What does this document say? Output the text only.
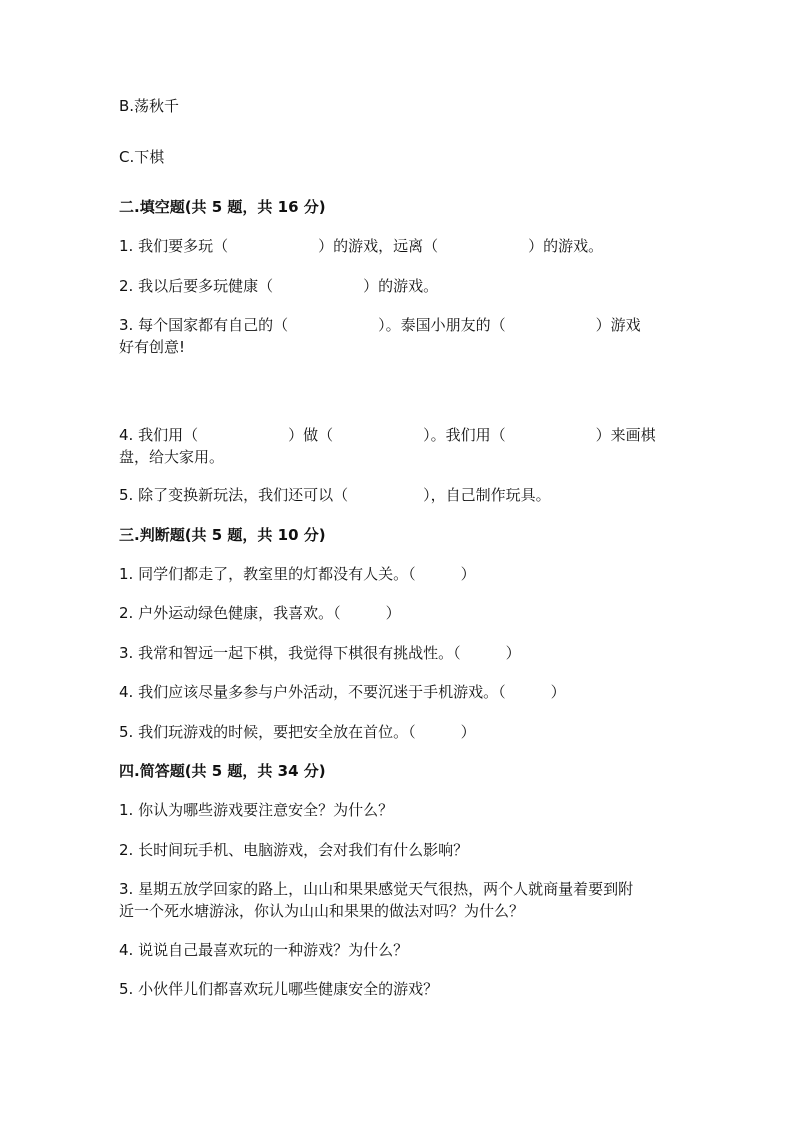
B.荡秋千
C.下棋
二.填空题(共 5 题，共 16 分)
1. 我们要多玩（　　　　　　）的游戏，远离（　　　　　　）的游戏。
2. 我以后要多玩健康（　　　　　　）的游戏。
3. 每个国家都有自己的（　　　　　　）。泰国小朋友的（　　　　　　）游戏
好有创意!
4. 我们用（　　　　　　）做（　　　　　　）。我们用（　　　　　　）来画棋
盘，给大家用。
5. 除了变换新玩法，我们还可以（　　　　　），自己制作玩具。
三.判断题(共 5 题，共 10 分)
1. 同学们都走了，教室里的灯都没有人关。（　　　）
2. 户外运动绿色健康，我喜欢。（　　　）
3. 我常和智远一起下棋，我觉得下棋很有挑战性。（　　　）
4. 我们应该尽量多参与户外活动，不要沉迷于手机游戏。（　　　）
5. 我们玩游戏的时候，要把安全放在首位。（　　　）
四.简答题(共 5 题，共 34 分)
1. 你认为哪些游戏要注意安全？为什么？
2. 长时间玩手机、电脑游戏，会对我们有什么影响？
3. 星期五放学回家的路上，山山和果果感觉天气很热，两个人就商量着要到附
近一个死水塘游泳，你认为山山和果果的做法对吗？为什么？
4. 说说自己最喜欢玩的一种游戏？为什么？
5. 小伙伴儿们都喜欢玩儿哪些健康安全的游戏？
